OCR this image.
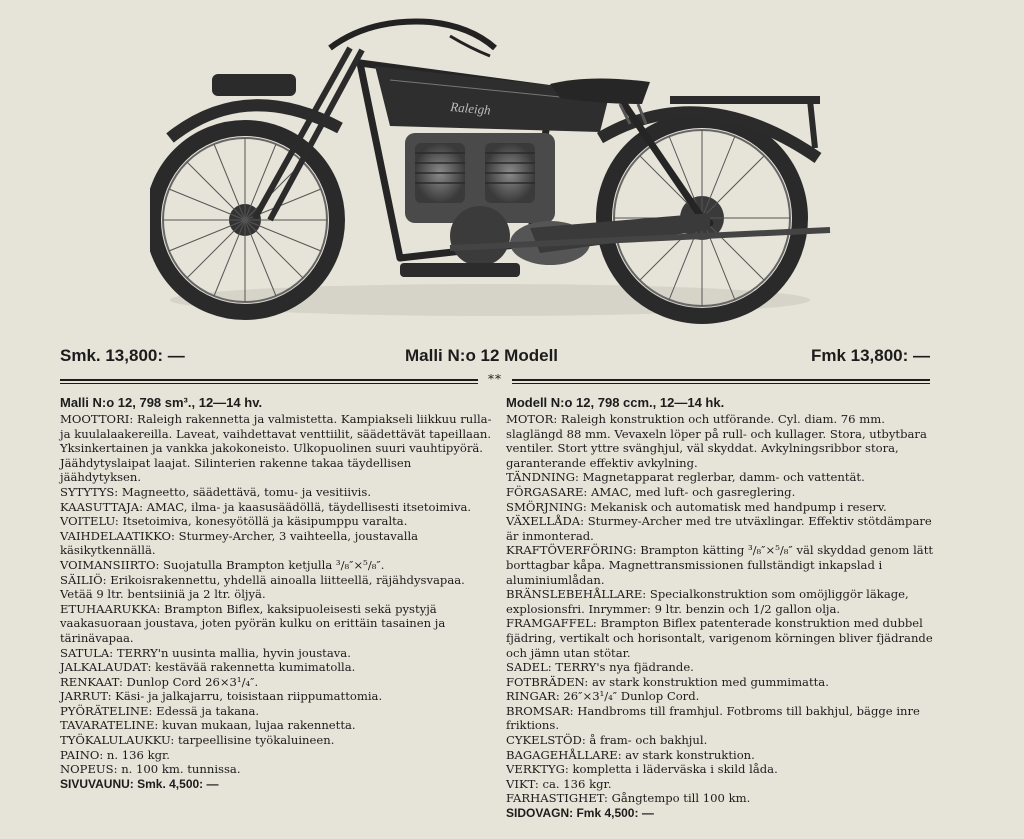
Raleigh
Smk. 13,800: —	Malli N:o 12 Modell	Fmk 13,800: —
**
Malli N:o 12, 798 sm³., 12—14 hv.

MOOTTORI: Raleigh rakennetta ja valmistetta. Kampiakseli liikkuu rulla- ja kuulalaakereilla. Laveat, vaihdettavat venttiilit, säädettävät tapeillaan. Yksinkertainen ja vankka jakokoneisto. Ulkopuolinen suuri vauhtipyörä. Jäähdytyslaipat laajat. Silinterien rakenne takaa täydellisen jäähdytyksen.

SYTYTYS: Magneetto, säädettävä, tomu- ja vesitiivis.

KAASUTTAJA: AMAC, ilma- ja kaasusäädöllä, täydellisesti itsetoimiva.

VOITELU: Itsetoimiva, konesyötöllä ja käsipumppu varalta.

VAIHDELAATIKKO: Sturmey-Archer, 3 vaihteella, joustavalla käsikytkennällä.

VOIMANSIIRTO: Suojatulla Brampton ketjulla ³/₈″×⁵/₈″.

SÄILIÖ: Erikoisrakennettu, yhdellä ainoalla liitteellä, räjähdysvapaa. Vetää 9 ltr. bentsiiniä ja 2 ltr. öljyä.

ETUHAARUKKA: Brampton Biflex, kaksipuoleisesti sekä pystyjä vaakasuoraan joustava, joten pyörän kulku on erittäin tasainen ja tärinävapaa.

SATULA: TERRY'n uusinta mallia, hyvin joustava.

JALKALAUDAT: kestävää rakennetta kumimatolla.

RENKAAT: Dunlop Cord 26×3¹/₄″.

JARRUT: Käsi- ja jalkajarru, toisistaan riippumattomia.

PYÖRÄTELINE: Edessä ja takana.

TAVARATELINE: kuvan mukaan, lujaa rakennetta.

TYÖKALULAUKKU: tarpeellisine työkaluineen.

PAINO: n. 136 kgr.

NOPEUS: n. 100 km. tunnissa.

SIVUVAUNU: Smk. 4,500: —

Modell N:o 12, 798 ccm., 12—14 hk.

MOTOR: Raleigh konstruktion och utförande. Cyl. diam. 76 mm. slaglängd 88 mm. Vevaxeln löper på rull- och kullager. Stora, utbytbara ventiler. Stort yttre svänghjul, väl skyddat. Avkylningsribbor stora, garanterande effektiv avkylning.

TÄNDNING: Magnetapparat reglerbar, damm- och vattentät.

FÖRGASARE: AMAC, med luft- och gasreglering.

SMÖRJNING: Mekanisk och automatisk med handpump i reserv.

VÄXELLÅDA: Sturmey-Archer med tre utväxlingar. Effektiv stötdämpare är inmonterad.

KRAFTÖVERFÖRING: Brampton kätting ³/₈″×⁵/₈″ väl skyddad genom lätt borttagbar kåpa. Magnettransmissionen fullständigt inkapslad i aluminiumlådan.

BRÄNSLEBEHÅLLARE: Specialkonstruktion som omöjliggör läkage, explosionsfri. Inrymmer: 9 ltr. benzin och 1/2 gallon olja.

FRAMGAFFEL: Brampton Biflex patenterade konstruktion med dubbel fjädring, vertikalt och horisontalt, varigenom körningen bliver fjädrande och jämn utan stötar.

SADEL: TERRY's nya fjädrande.

FOTBRÄDEN: av stark konstruktion med gummimatta.

RINGAR: 26″×3¹/₄″ Dunlop Cord.

BROMSAR: Handbroms till framhjul. Fotbroms till bakhjul, bägge inre friktions.

CYKELSTÖD: å fram- och bakhjul.

BAGAGEHÅLLARE: av stark konstruktion.

VERKTYG: kompletta i läderväska i skild låda.

VIKT: ca. 136 kgr.

FARHASTIGHET: Gångtempo till 100 km.

SIDOVAGN: Fmk 4,500: —
